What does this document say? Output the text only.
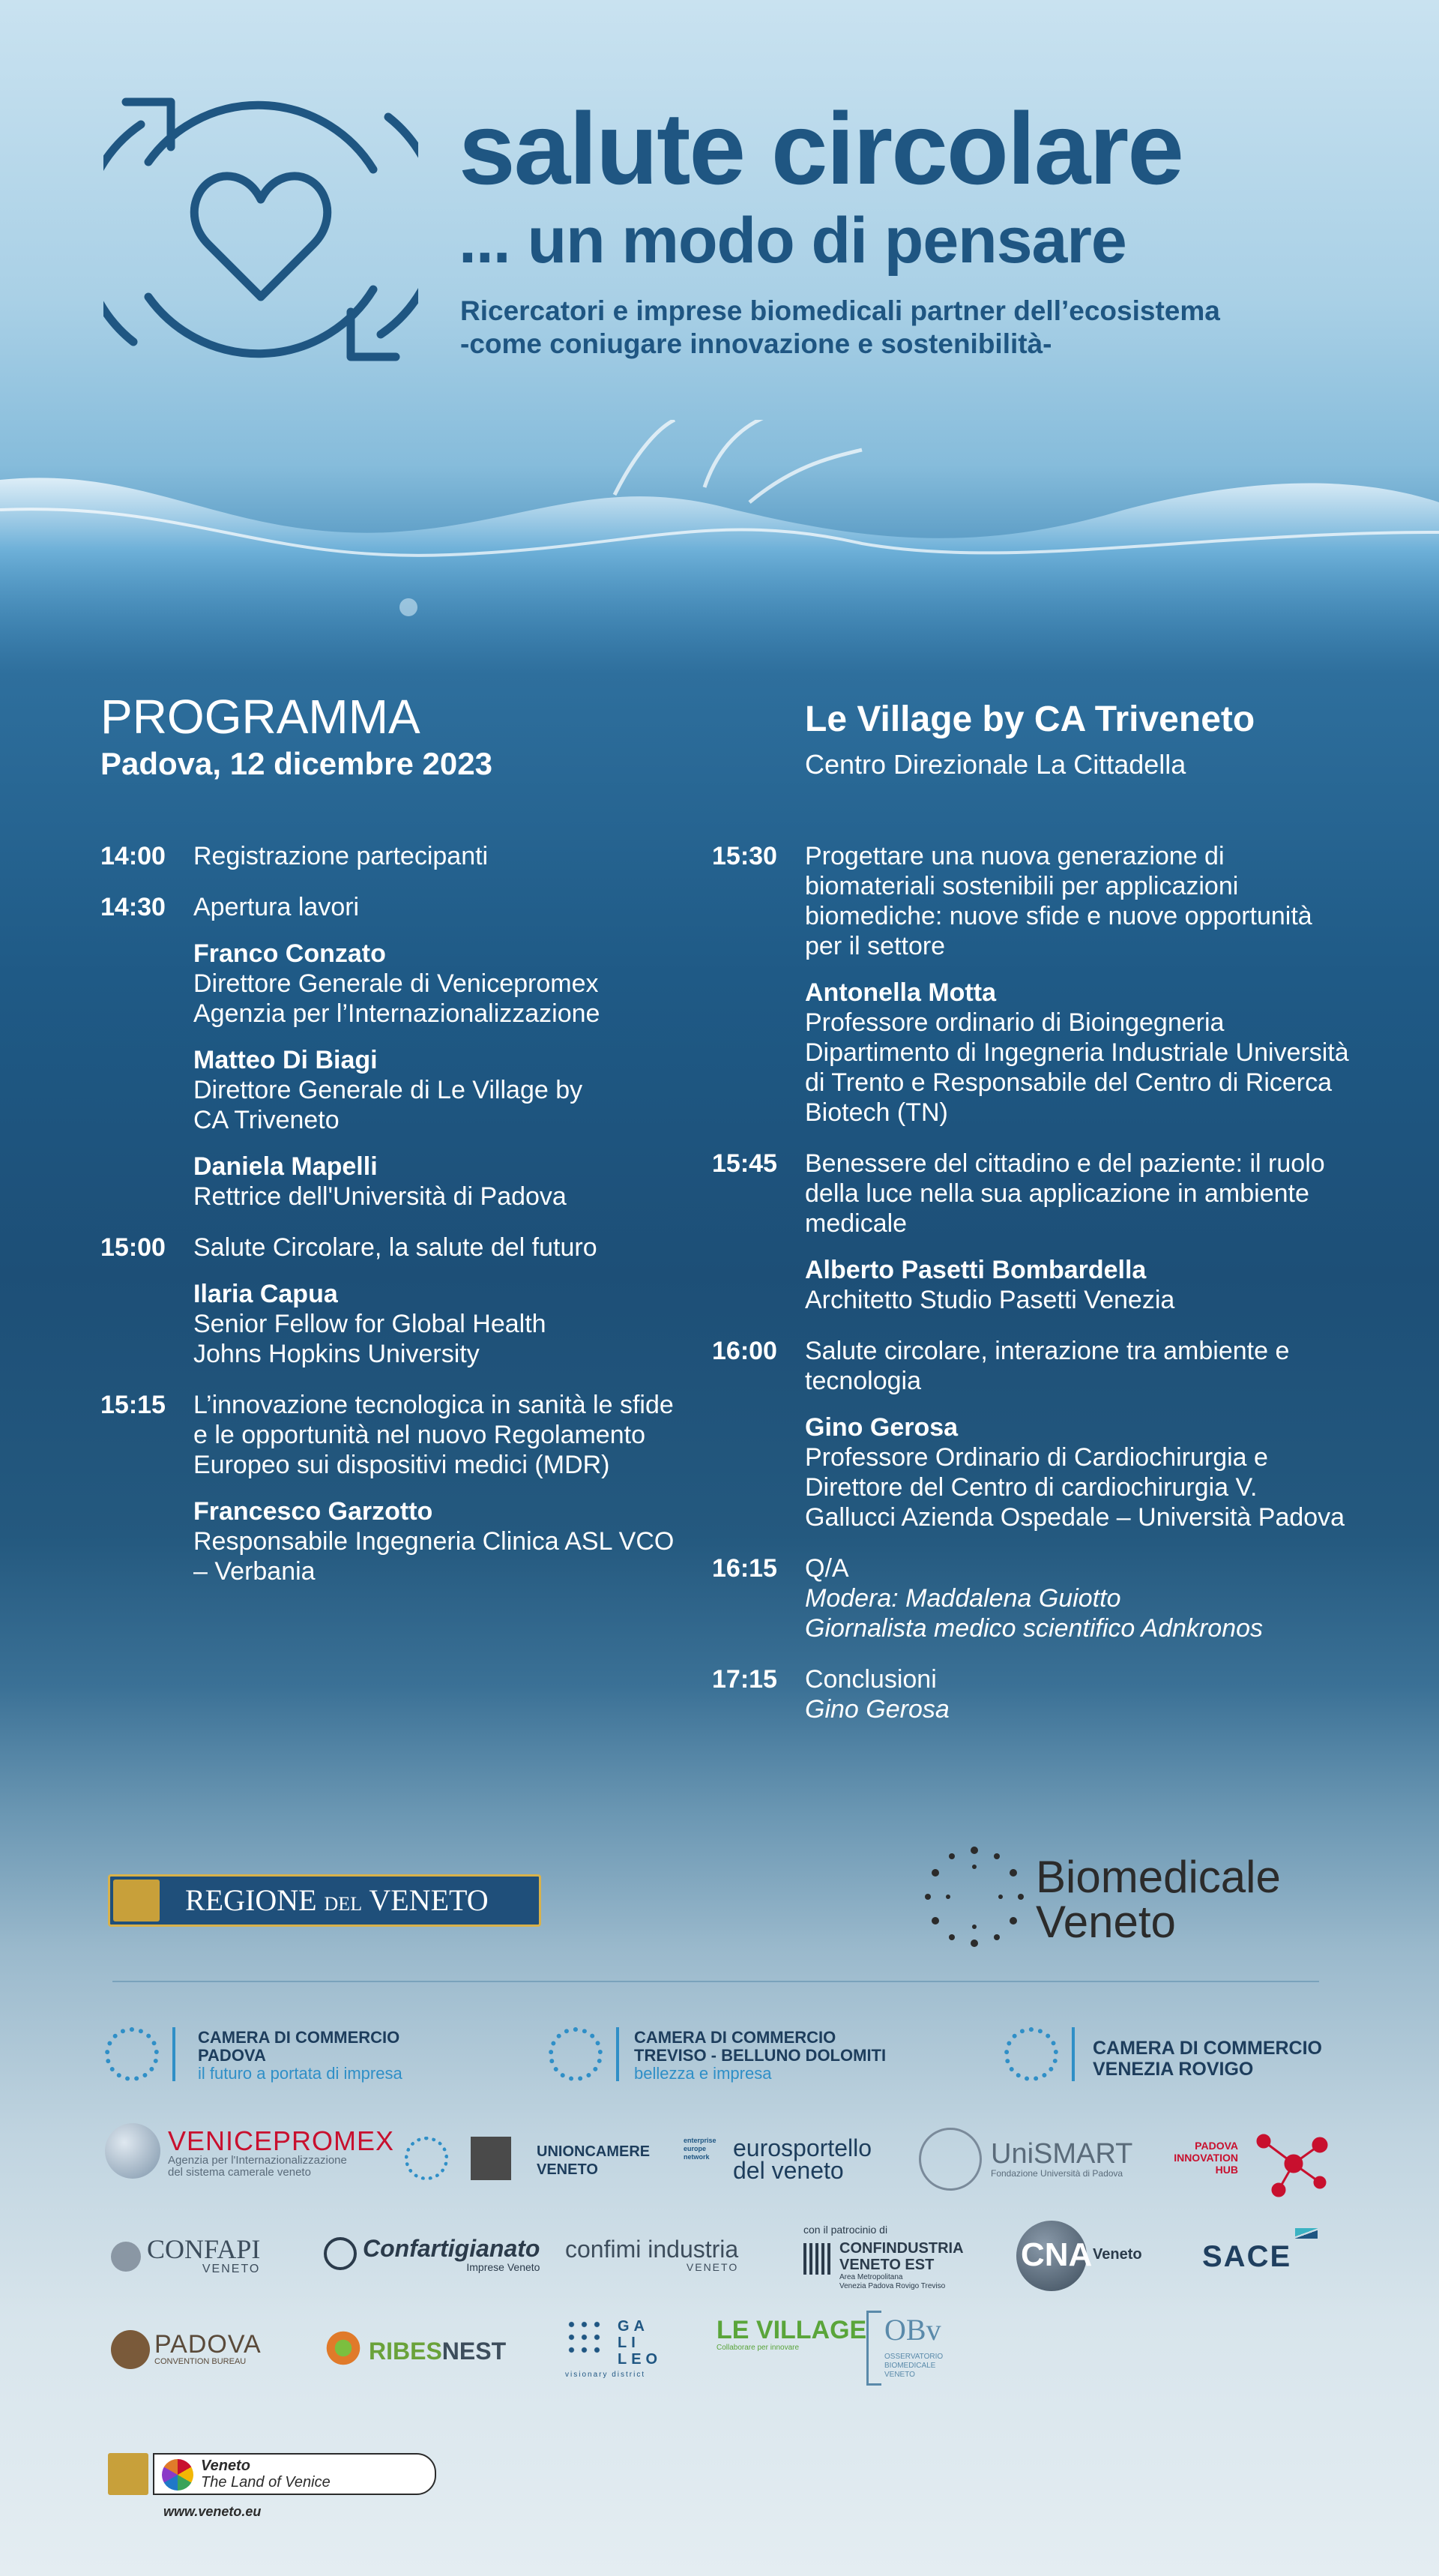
salute circolare
... un modo di pensare
Ricercatori e imprese biomedicali partner dell’ecosistema
-come coniugare innovazione e sostenibilità-
PROGRAMMA
Padova, 12 dicembre 2023
Le Village by CA Triveneto
Centro Direzionale La Cittadella
14:00 Registrazione partecipanti
14:30 Apertura lavori
Franco Conzato
Direttore Generale di Venicepromex Agenzia per l’Internazionalizzazione
Matteo Di Biagi
Direttore Generale di Le Village by CA Triveneto
Daniela Mapelli
Rettrice dell'Università di Padova
15:00 Salute Circolare, la salute del futuro
Ilaria Capua
Senior Fellow for Global Health Johns Hopkins University
15:15 L’innovazione tecnologica in sanità le sfide e le opportunità nel nuovo Regolamento Europeo sui dispositivi medici (MDR)
Francesco Garzotto
Responsabile Ingegneria Clinica ASL VCO – Verbania
15:30 Progettare una nuova generazione di biomateriali sostenibili per applicazioni biomediche: nuove sfide e nuove opportunità per il settore
Antonella Motta
Professore ordinario di Bioingegneria Dipartimento di Ingegneria Industriale Università di Trento e Responsabile del Centro di Ricerca Biotech (TN)
15:45 Benessere del cittadino e del paziente: il ruolo della luce nella sua applicazione in ambiente medicale
Alberto Pasetti Bombardella
Architetto Studio Pasetti Venezia
16:00 Salute circolare, interazione tra ambiente e tecnologia
Gino Gerosa
Professore Ordinario di Cardiochirurgia e Direttore del Centro di cardiochirurgia V. Gallucci Azienda Ospedale – Università Padova
16:15 Q/A
Modera: Maddalena Guiotto
Giornalista medico scientifico Adnkronos
17:15 Conclusioni
Gino Gerosa
REGIONE DEL VENETO	Biomedicale
Veneto
CAMERA DI COMMERCIO
PADOVA
il futuro a portata di impresa
CAMERA DI COMMERCIO
TREVISO - BELLUNO DOLOMITI
bellezza e impresa
CAMERA DI COMMERCIO
VENEZIA ROVIGO
VENICEPROMEX
Agenzia per l'Internazionalizzazione
del sistema camerale veneto
UNIONCAMERE
VENETO
enterprise
europe
network eurosportello
del veneto
UniSMART
Fondazione Università di Padova
PADOVA
INNOVATION
HUB
CONFAPI
VENETO
Confartigianato
Imprese Veneto
confimi industria
VENETO
con il patrocinio di
CONFINDUSTRIA
VENETO EST
Area Metropolitana
Venezia Padova Rovigo Treviso
CNA Veneto SACE
PADOVA
CONVENTION BUREAU	RIBESNEST
GA
LI
LEO
visionary district
LE VILLAGE
Collaborare per innovare
OBv
OSSERVATORIO BIOMEDICALE VENETO
Veneto
The Land of Venice
www.veneto.eu
